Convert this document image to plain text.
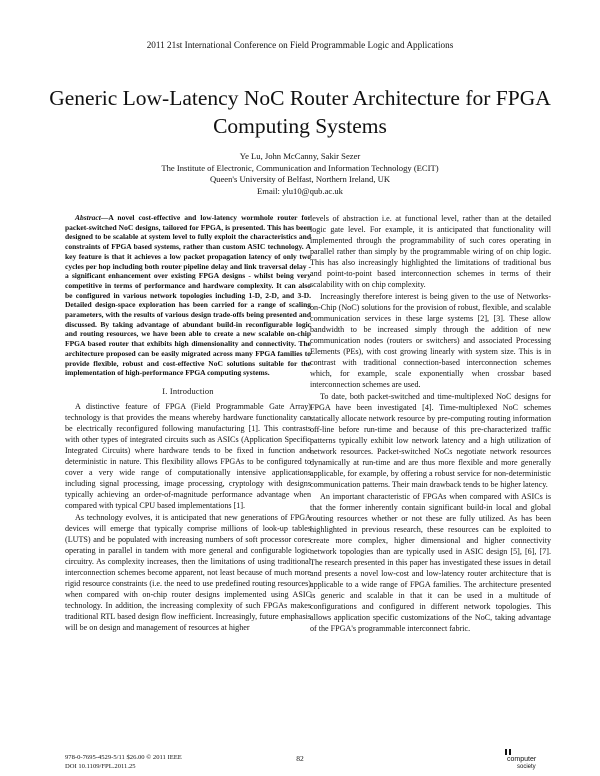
2011 21st International Conference on Field Programmable Logic and Applications
Generic Low-Latency NoC Router Architecture for FPGA Computing Systems
Ye Lu, John McCanny, Sakir Sezer
The Institute of Electronic, Communication and Information Technology (ECIT)
Queen's University of Belfast, Northern Ireland, UK
Email: ylu10@qub.ac.uk

Abstract—A novel cost-effective and low-latency wormhole router for packet-switched NoC designs, tailored for FPGA, is presented. This has been designed to be scalable at system level to fully exploit the characteristics and constraints of FPGA based systems, rather than custom ASIC technology. A key feature is that it achieves a low packet propagation latency of only two cycles per hop including both router pipeline delay and link traversal delay - a significant enhancement over existing FPGA designs - whilst being very competitive in terms of performance and hardware complexity. It can also be configured in various network topologies including 1-D, 2-D, and 3-D. Detailed design-space exploration has been carried for a range of scaling parameters, with the results of various design trade-offs being presented and discussed. By taking advantage of abundant build-in reconfigurable logic and routing resources, we have been able to create a new scalable on-chip FPGA based router that exhibits high dimensionality and connectivity. The architecture proposed can be easily migrated across many FPGA families to provide flexible, robust and cost-effective NoC solutions suitable for the implementation of high-performance FPGA computing systems.

I. Introduction

A distinctive feature of FPGA (Field Programmable Gate Array) technology is that provides the means whereby hardware functionality can be electrically reconfigured following manufacturing [1]. This contrasts with other types of integrated circuits such as ASICs (Application Specific Integrated Circuits) where hardware tends to be fixed in function and deterministic in nature. This flexibility allows FPGAs to be configured to cover a very wide range of computationally intensive applications including signal processing, image processing, cryptology with designs typically achieving an order-of-magnitude performance advantage when compared with typical CPU based implementations [1].

As technology evolves, it is anticipated that new generations of FPGA devices will emerge that typically comprise millions of look-up tables (LUTS) and be populated with increasing numbers of soft processor cores operating in parallel in tandem with more general and configurable logic circuitry. As complexity increases, then the limitations of using traditional interconnection schemes become apparent, not least because of much more rigid resource constraints (i.e. the need to use predefined routing resources) when compared with on-chip router designs implemented using ASIC technology. In addition, the increasing complexity of such FPGAs makes traditional RTL based design flow inefficient. Increasingly, future emphasis will be on design and management of resources at higher

levels of abstraction i.e. at functional level, rather than at the detailed logic gate level. For example, it is anticipated that functionality will implemented through the programmability of such cores operating in parallel rather than simply by the programmable wiring of on chip logic. This has also increasingly highlighted the limitations of traditional bus and point-to-point based interconnection schemes in terms of their scalability with on chip complexity.

Increasingly therefore interest is being given to the use of Networks-on-Chip (NoC) solutions for the provision of robust, flexible, and scalable communication services in these large systems [2], [3]. These allow bandwidth to be increased simply through the addition of new communication nodes (routers or switchers) and associated Processing Elements (PEs), with cost growing linearly with system size. This is in contrast with traditional connection-based interconnection schemes which, for example, scale exponentially when crossbar based interconnection schemes are used.

To date, both packet-switched and time-multiplexed NoC designs for FPGA have been investigated [4]. Time-multiplexed NoC schemes statically allocate network resource by pre-computing routing information off-line before run-time and because of this pre-characterized traffic patterns typically exhibit low network latency and a high utilization of network resources. Packet-switched NoCs negotiate network resources dynamically at run-time and are thus more flexible and more generally applicable, for example, by offering a robust service for non-deterministic communication patterns. Their main drawback tends to be higher latency.

An important characteristic of FPGAs when compared with ASICs is that the former inherently contain significant build-in local and global routing resources whether or not these are fully utilized. As has been highlighted in previous research, these resources can be exploited to create more complex, higher dimensional and higher connectivity network topologies than are typically used in ASIC design [5], [6], [7]. The research presented in this paper has investigated these issues in detail and presents a novel low-cost and low-latency router architecture that is applicable to a wide range of FPGA families. The architecture presented is generic and scalable in that it can be used in a multitude of configurations and configured in different network topologies. This allows application specific customizations of the NoC, taking advantage of the FPGA's programmable interconnect fabric.

978-0-7695-4529-5/11 $26.00 © 2011 IEEE
DOI 10.1109/FPL.2011.25
82	computer
society
